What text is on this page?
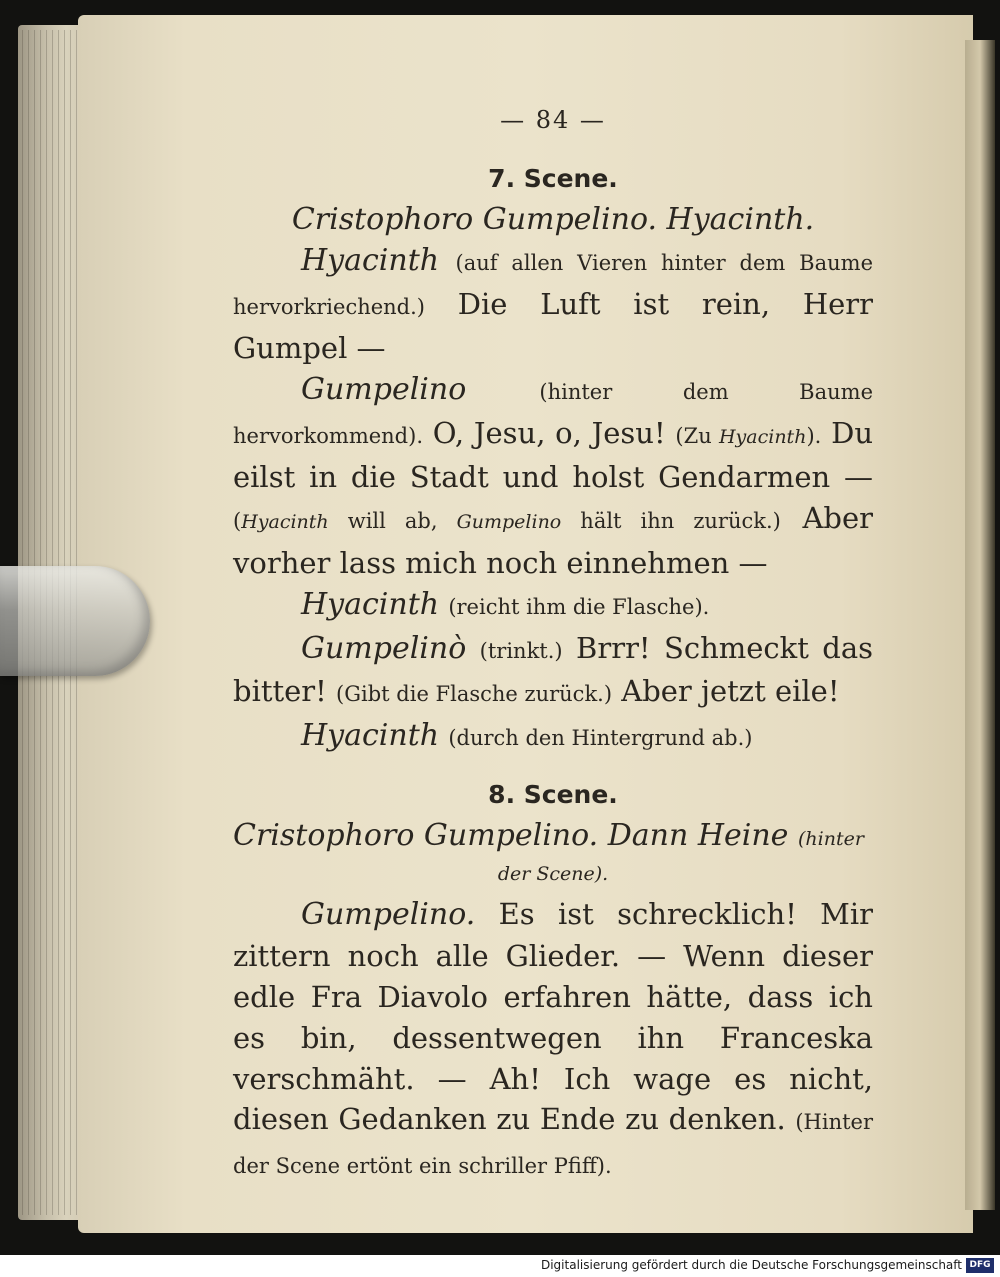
— 84 —
7. Scene.
Cristophoro Gumpelino. Hyacinth.

Hyacinth (auf allen Vieren hinter dem Baume hervorkriechend.) Die Luft ist rein, Herr Gumpel —

Gumpelino	(hinter dem Baume hervorkommend). O, Jesu, o, Jesu! (Zu Hyacinth). Du eilst in die Stadt und holst Gendarmen — (Hyacinth will ab, Gumpelino hält ihn zurück.) Aber vorher lass mich noch einnehmen —

Hyacinth (reicht ihm die Flasche).

Gumpelinò (trinkt.) Brrr! Schmeckt das bitter! (Gibt die Flasche zurück.) Aber jetzt eile!

Hyacinth (durch den Hintergrund ab.)

8. Scene.
Cristophoro Gumpelino. Dann Heine (hinter
der Scene).

Gumpelino. Es ist schrecklich! Mir zittern noch alle Glieder. — Wenn dieser edle Fra Diavolo erfahren hätte, dass ich es bin, dessentwegen ihn Franceska verschmäht. — Ah! Ich wage es nicht, diesen Gedanken zu Ende zu denken. (Hinter der Scene ertönt ein schriller Pfiff).

Digitalisierung gefördert durch die Deutsche Forschungsgemeinschaft DFG
